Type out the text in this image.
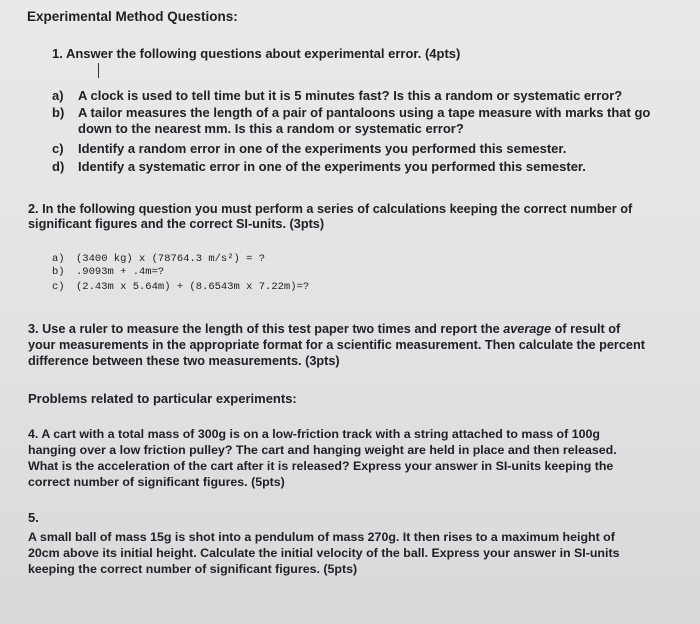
Experimental Method Questions:
1. Answer the following questions about experimental error. (4pts)
a) A clock is used to tell time but it is 5 minutes fast? Is this a random or systematic error?
b) A tailor measures the length of a pair of pantaloons using a tape measure with marks that go
down to the nearest mm. Is this a random or systematic error?
c) Identify a random error in one of the experiments you performed this semester.
d) Identify a systematic error in one of the experiments you performed this semester.
2. In the following question you must perform a series of calculations keeping the correct number of
significant figures and the correct SI-units. (3pts)
a) (3400 kg) x (78764.3 m/s²) = ?
b) .9093m + .4m=?
c) (2.43m x 5.64m) + (8.6543m x 7.22m)=?
3. Use a ruler to measure the length of this test paper two times and report the average of result of
your measurements in the appropriate format for a scientific measurement. Then calculate the percent
difference between these two measurements. (3pts)
Problems related to particular experiments:
4. A cart with a total mass of 300g is on a low-friction track with a string attached to mass of 100g
hanging over a low friction pulley? The cart and hanging weight are held in place and then released.
What is the acceleration of the cart after it is released? Express your answer in SI-units keeping the
correct number of significant figures. (5pts)
5.
A small ball of mass 15g is shot into a pendulum of mass 270g. It then rises to a maximum height of
20cm above its initial height. Calculate the initial velocity of the ball. Express your answer in SI-units
keeping the correct number of significant figures. (5pts)
